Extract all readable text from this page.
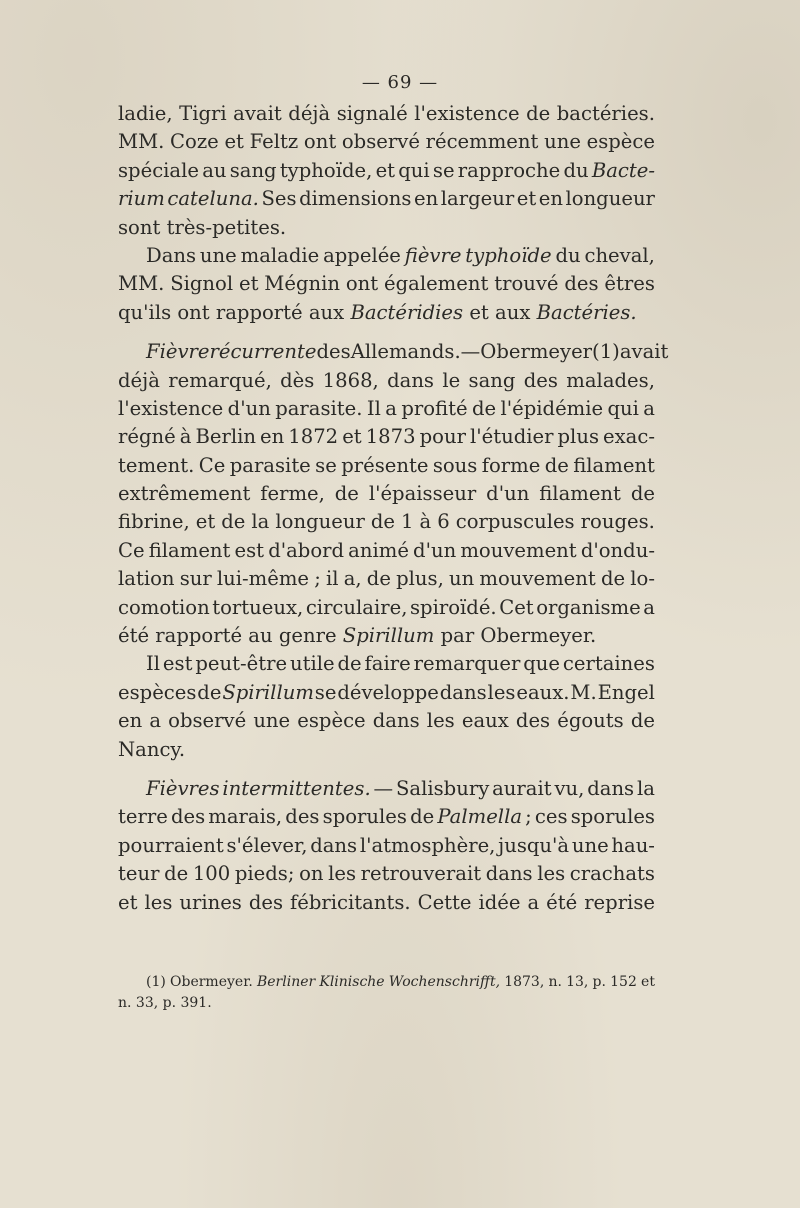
— 69 —
ladie, Tigri avait déjà signalé l'existence de bactéries.
MM. Coze et Feltz ont observé récemment une espèce
spéciale au sang typhoïde, et qui se rapproche du Bacte-
rium cateluna. Ses dimensions en largeur et en longueur
sont très-petites.
Dans une maladie appelée fièvre typhoïde du cheval,
MM. Signol et Mégnin ont également trouvé des êtres
qu'ils ont rapporté aux Bactéridies et aux Bactéries.
Fièvre récurrente des Allemands.—Obermeyer (1) avait
déjà remarqué, dès 1868, dans le sang des malades,
l'existence d'un parasite. Il a profité de l'épidémie qui a
régné à Berlin en 1872 et 1873 pour l'étudier plus exac-
tement. Ce parasite se présente sous forme de filament
extrêmement ferme, de l'épaisseur d'un filament de
fibrine, et de la longueur de 1 à 6 corpuscules rouges.
Ce filament est d'abord animé d'un mouvement d'ondu-
lation sur lui-même ; il a, de plus, un mouvement de lo-
comotion tortueux, circulaire, spiroïdé. Cet organisme a
été rapporté au genre Spirillum par Obermeyer.
Il est peut-être utile de faire remarquer que certaines
espèces de Spirillum se développe dans les eaux. M. Engel
en a observé une espèce dans les eaux des égouts de
Nancy.
Fièvres intermittentes. — Salisbury aurait vu, dans la
terre des marais, des sporules de Palmella ; ces sporules
pourraient s'élever, dans l'atmosphère, jusqu'à une hau-
teur de 100 pieds; on les retrouverait dans les crachats
et les urines des fébricitants. Cette idée a été reprise
(1) Obermeyer. Berliner Klinische Wochenschrifft, 1873, n. 13, p. 152 et
n. 33, p. 391.
